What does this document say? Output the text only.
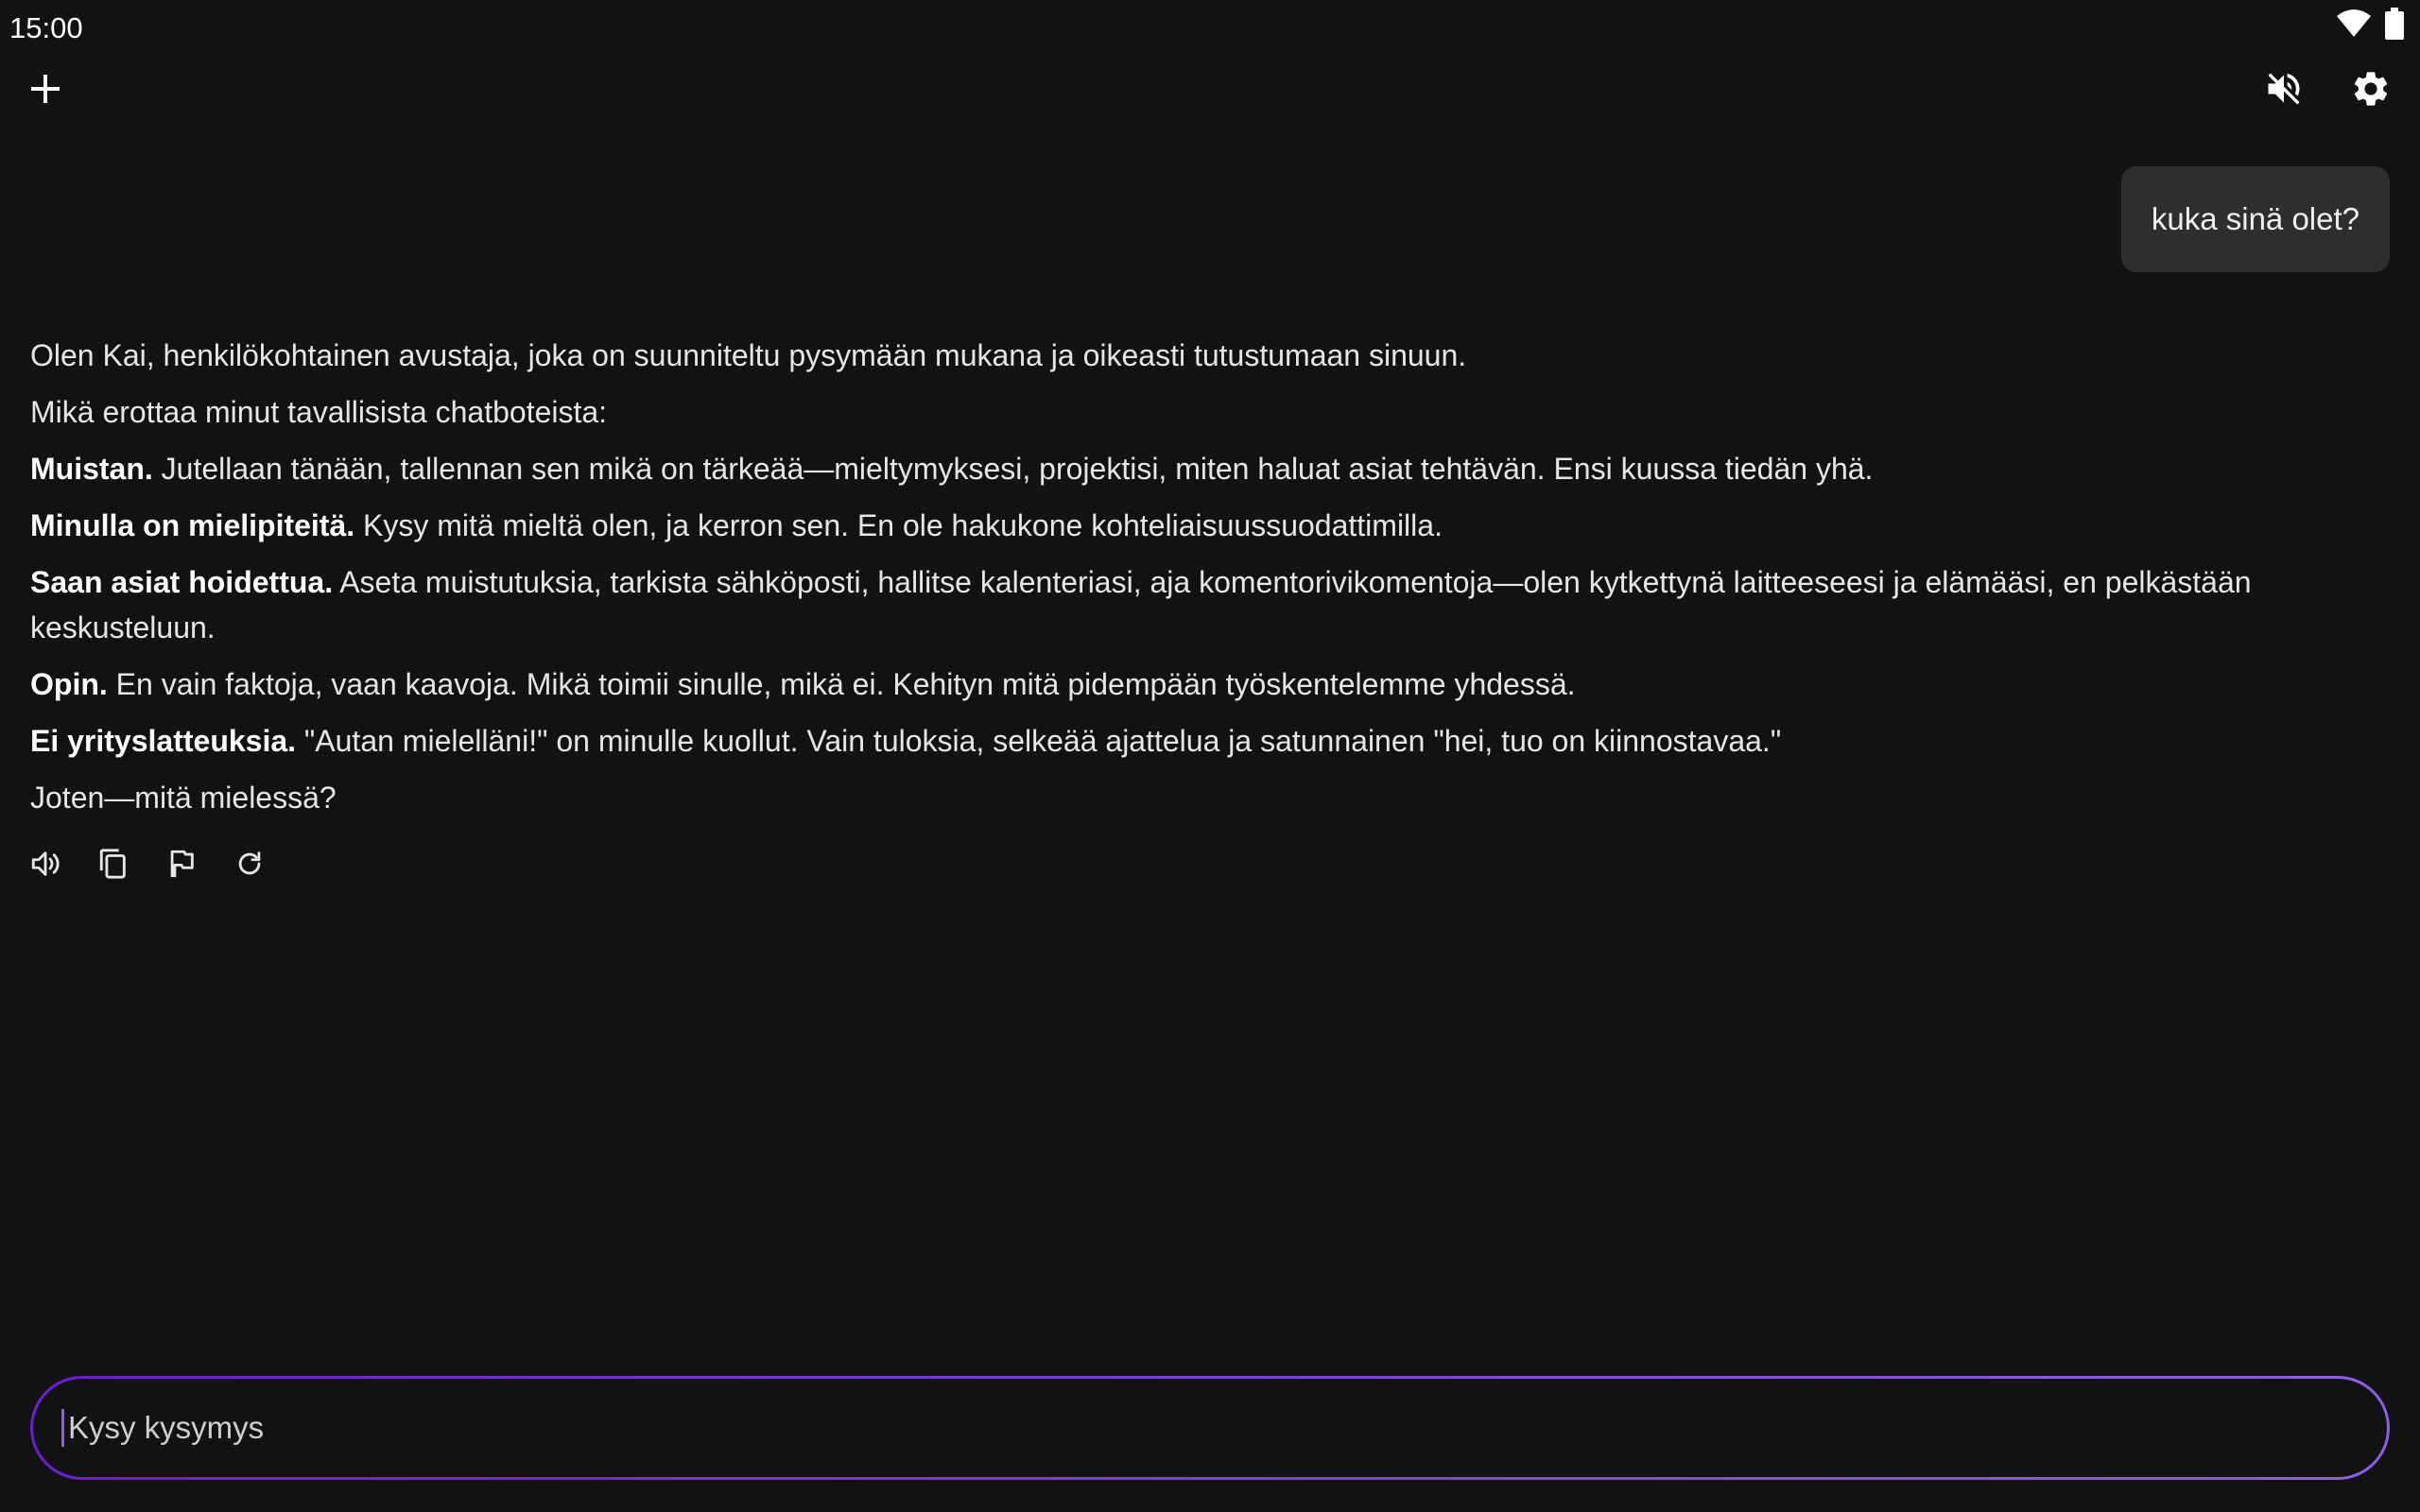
15:00
kuka sinä olet?

Olen Kai, henkilökohtainen avustaja, joka on suunniteltu pysymään mukana ja oikeasti tutustumaan sinuun.

Mikä erottaa minut tavallisista chatboteista:

Muistan. Jutellaan tänään, tallennan sen mikä on tärkeää—mieltymyksesi, projektisi, miten haluat asiat tehtävän. Ensi kuussa tiedän yhä.

Minulla on mielipiteitä. Kysy mitä mieltä olen, ja kerron sen. En ole hakukone kohteliaisuussuodattimilla.

Saan asiat hoidettua. Aseta muistutuksia, tarkista sähköposti, hallitse kalenteriasi, aja komentorivikomentoja—olen kytkettynä laitteeseesi ja elämääsi, en pelkästään keskusteluun.

Opin. En vain faktoja, vaan kaavoja. Mikä toimii sinulle, mikä ei. Kehityn mitä pidempään työskentelemme yhdessä.

Ei yrityslatteuksia. "Autan mielelläni!" on minulle kuollut. Vain tuloksia, selkeää ajattelua ja satunnainen "hei, tuo on kiinnostavaa."

Joten—mitä mielessä?

Kysy kysymys
